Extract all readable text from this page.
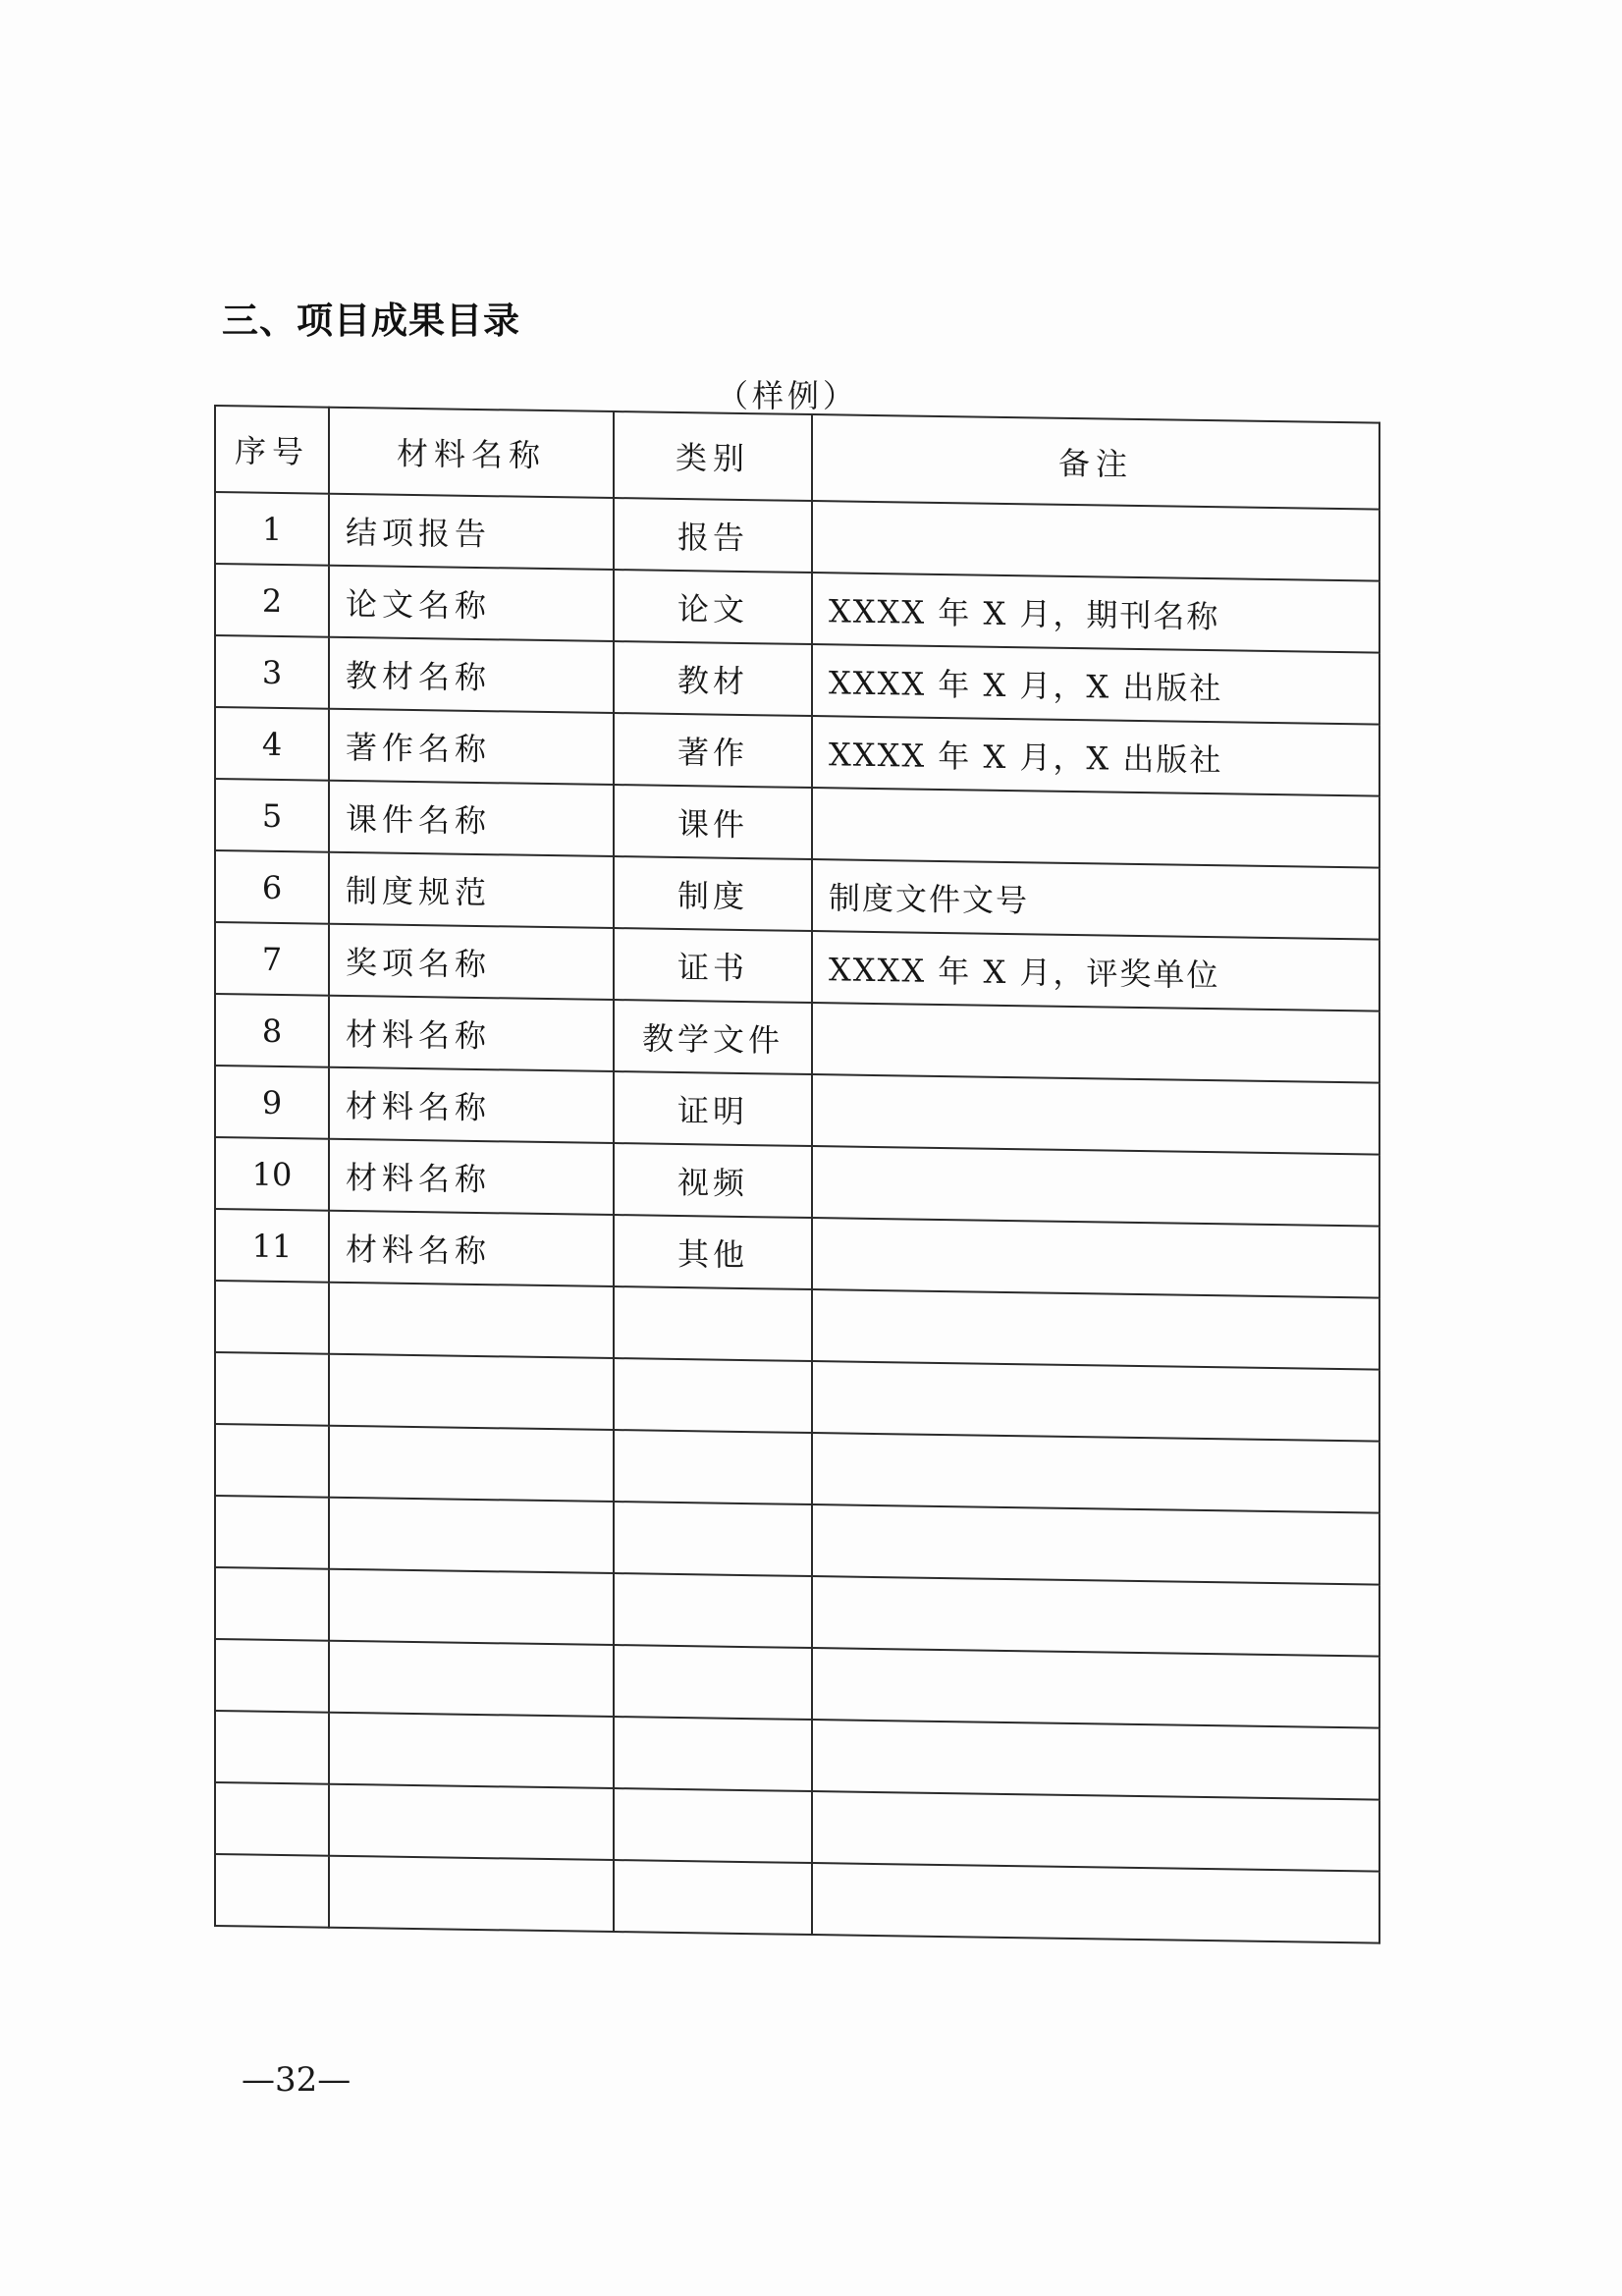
三、项目成果目录
（样例）
序号	材料名称	类别	备注
1	结项报告	报告	
2	论文名称	论文	XXXX 年 X 月，期刊名称
3	教材名称	教材	XXXX 年 X 月，X 出版社
4	著作名称	著作	XXXX 年 X 月，X 出版社
5	课件名称	课件	
6	制度规范	制度	制度文件文号
7	奖项名称	证书	XXXX 年 X 月，评奖单位
8	材料名称	教学文件	
9	材料名称	证明	
10	材料名称	视频	
11	材料名称	其他	

—32—
